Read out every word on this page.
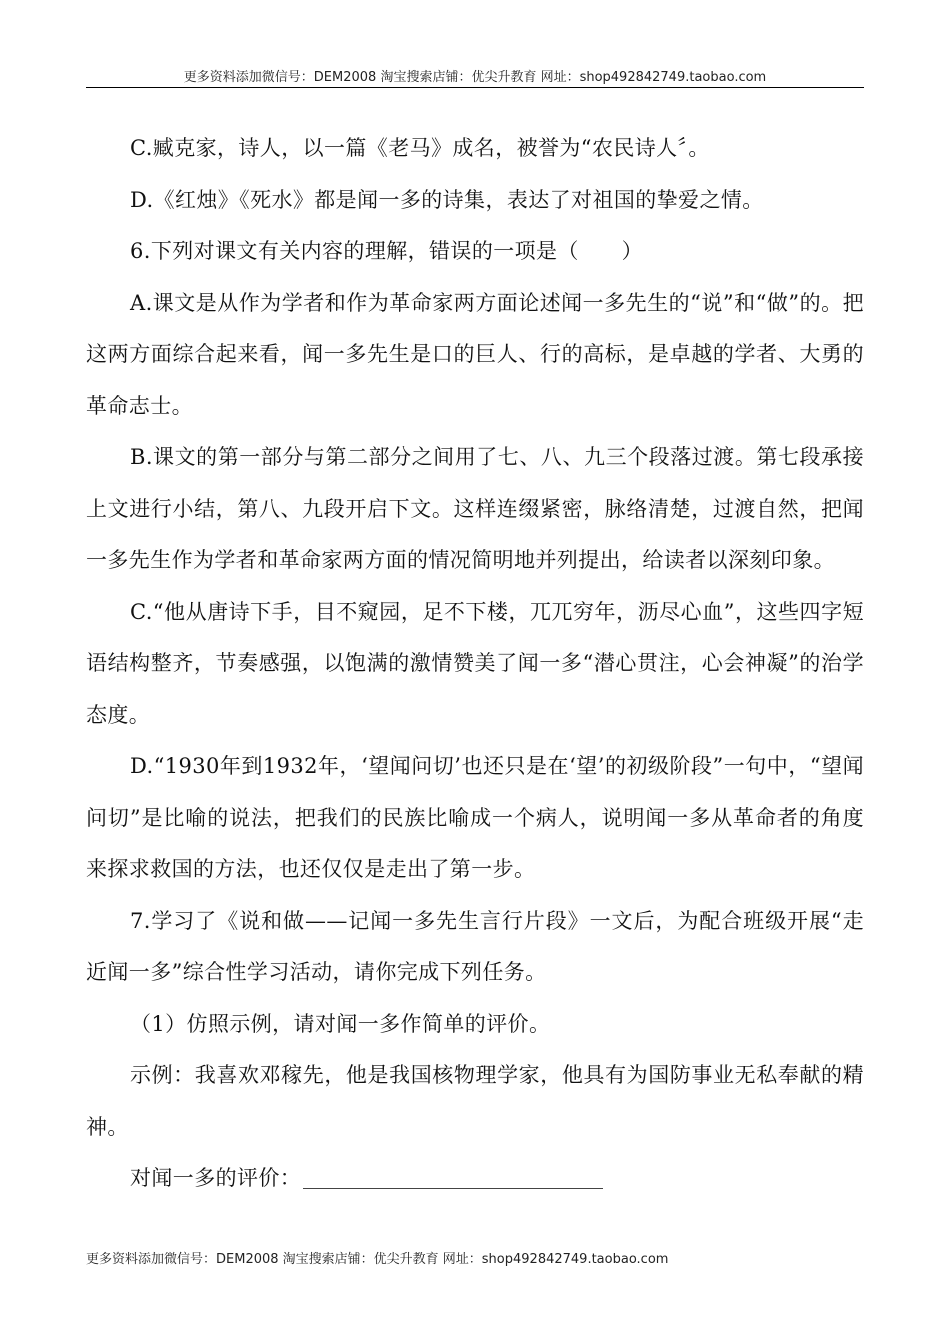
更多资料添加微信号：DEM2008 淘宝搜索店铺：优尖升教育 网址：shop492842749.taobao.com

C.臧克家，诗人，以一篇《老马》成名，被誉为“农民诗人〞。

D.《红烛》《死水》都是闻一多的诗集，表达了对祖国的挚爱之情。

6.下列对课文有关内容的理解，错误的一项是（　　）

A.课文是从作为学者和作为革命家两方面论述闻一多先生的“说”和“做”的。把这两方面综合起来看，闻一多先生是口的巨人、行的高标，是卓越的学者、大勇的革命志士。

B.课文的第一部分与第二部分之间用了七、八、九三个段落过渡。第七段承接上文进行小结，第八、九段开启下文。这样连缀紧密，脉络清楚，过渡自然，把闻一多先生作为学者和革命家两方面的情况简明地并列提出，给读者以深刻印象。

C.“他从唐诗下手，目不窥园，足不下楼，兀兀穷年，沥尽心血”，这些四字短语结构整齐，节奏感强，以饱满的激情赞美了闻一多“潜心贯注，心会神凝”的治学态度。

D.“1930年到1932年，‘望闻问切’也还只是在‘望’的初级阶段”一句中，“望闻问切”是比喻的说法，把我们的民族比喻成一个病人，说明闻一多从革命者的角度来探求救国的方法，也还仅仅是走出了第一步。

7.学习了《说和做——记闻一多先生言行片段》一文后，为配合班级开展“走近闻一多”综合性学习活动，请你完成下列任务。

（1）仿照示例，请对闻一多作简单的评价。

示例：我喜欢邓稼先，他是我国核物理学家，他具有为国防事业无私奉献的精神。

对闻一多的评价：

更多资料添加微信号：DEM2008 淘宝搜索店铺：优尖升教育 网址：shop492842749.taobao.com
